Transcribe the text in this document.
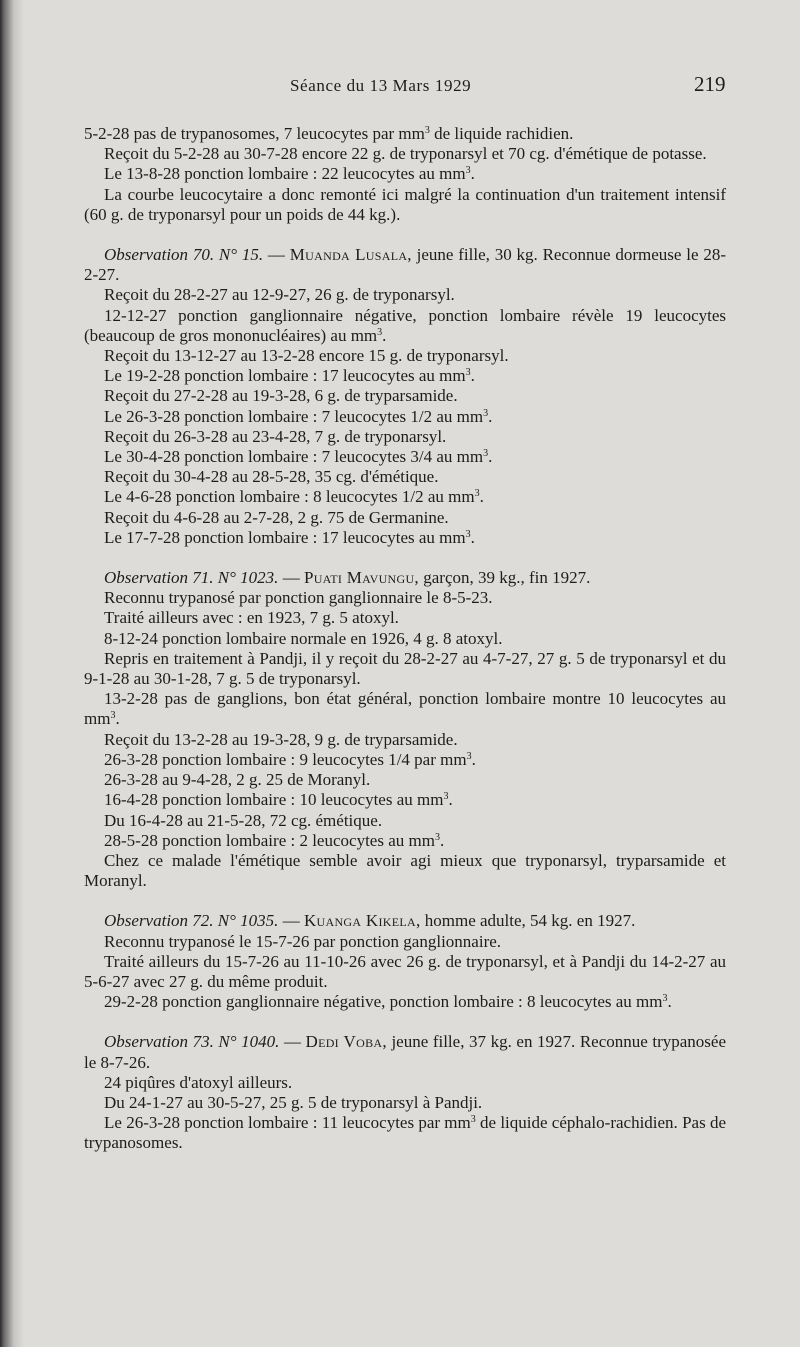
Séance du 13 Mars 1929	219

5-2-28 pas de trypanosomes, 7 leucocytes par $mm^3$ de liquide rachidien.

Reçoit du 5-2-28 au 30-7-28 encore 22 g. de tryponarsyl et 70 cg. d'émétique de potasse.

Le 13-8-28 ponction lombaire : 22 leucocytes au $mm^3$.

La courbe leucocytaire a donc remonté ici malgré la continuation d'un traitement intensif (60 g. de tryponarsyl pour un poids de 44 kg.).

Observation 70. N° 15. — Muanda Lusala, jeune fille, 30 kg. Reconnue dormeuse le 28-2-27.

Reçoit du 28-2-27 au 12-9-27, 26 g. de tryponarsyl.

12-12-27 ponction ganglionnaire négative, ponction lombaire révèle 19 leucocytes (beaucoup de gros mononucléaires) au $mm^3$.

Reçoit du 13-12-27 au 13-2-28 encore 15 g. de tryponarsyl.

Le 19-2-28 ponction lombaire : 17 leucocytes au $mm^3$.

Reçoit du 27-2-28 au 19-3-28, 6 g. de tryparsamide.

Le 26-3-28 ponction lombaire : 7 leucocytes 1/2 au $mm^3$.

Reçoit du 26-3-28 au 23-4-28, 7 g. de tryponarsyl.

Le 30-4-28 ponction lombaire : 7 leucocytes 3/4 au $mm^3$.

Reçoit du 30-4-28 au 28-5-28, 35 cg. d'émétique.

Le 4-6-28 ponction lombaire : 8 leucocytes 1/2 au $mm^3$.

Reçoit du 4-6-28 au 2-7-28, 2 g. 75 de Germanine.

Le 17-7-28 ponction lombaire : 17 leucocytes au $mm^3$.

Observation 71. N° 1023. — Puati Mavungu, garçon, 39 kg., fin 1927.

Reconnu trypanosé par ponction ganglionnaire le 8-5-23.

Traité ailleurs avec : en 1923, 7 g. 5 atoxyl.

8-12-24 ponction lombaire normale en 1926, 4 g. 8 atoxyl.

Repris en traitement à Pandji, il y reçoit du 28-2-27 au 4-7-27, 27 g. 5 de tryponarsyl et du 9-1-28 au 30-1-28, 7 g. 5 de tryponarsyl.

13-2-28 pas de ganglions, bon état général, ponction lombaire montre 10 leucocytes au $mm^3$.

Reçoit du 13-2-28 au 19-3-28, 9 g. de tryparsamide.

26-3-28 ponction lombaire : 9 leucocytes 1/4 par $mm^3$.

26-3-28 au 9-4-28, 2 g. 25 de Moranyl.

16-4-28 ponction lombaire : 10 leucocytes au $mm^3$.

Du 16-4-28 au 21-5-28, 72 cg. émétique.

28-5-28 ponction lombaire : 2 leucocytes au $mm^3$.

Chez ce malade l'émétique semble avoir agi mieux que tryponarsyl, tryparsamide et Moranyl.

Observation 72. N° 1035. — Kuanga Kikela, homme adulte, 54 kg. en 1927.

Reconnu trypanosé le 15-7-26 par ponction ganglionnaire.

Traité ailleurs du 15-7-26 au 11-10-26 avec 26 g. de tryponarsyl, et à Pandji du 14-2-27 au 5-6-27 avec 27 g. du même produit.

29-2-28 ponction ganglionnaire négative, ponction lombaire : 8 leucocytes au $mm^3$.

Observation 73. N° 1040. — Dedi Voba, jeune fille, 37 kg. en 1927. Reconnue trypanosée le 8-7-26.

24 piqûres d'atoxyl ailleurs.

Du 24-1-27 au 30-5-27, 25 g. 5 de tryponarsyl à Pandji.

Le 26-3-28 ponction lombaire : 11 leucocytes par $mm^3$ de liquide céphalo-rachidien. Pas de trypanosomes.
